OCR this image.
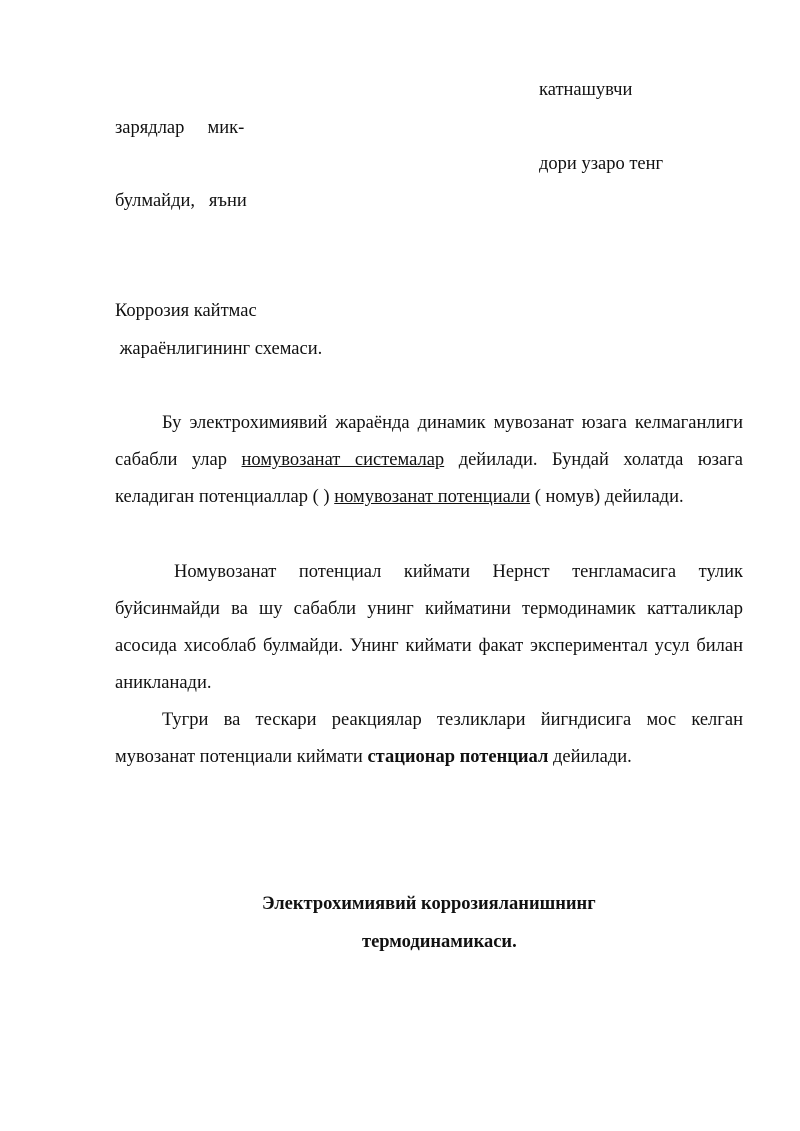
катнашувчи
зарядлар     мик-
дори узаро тенг
булмайди,   яъни
Коррозия кайтмас
жараёнлигининг схемаси.

Бу электрохимиявий жараёнда динамик мувозанат юзага келмаганлиги сабабли улар номувозанат системалар дейилади. Бундай холатда юзага келадиган потенциаллар ( ) номувозанат потенциали ( номув) дейилади.

Номувозанат потенциал киймати Нернст тенгламасига тулик буйсинмайди ва шу сабабли унинг кийматини термодинамик катталиклар асосида хисоблаб булмайди. Унинг киймати факат экспериментал усул билан аникланади.

Тугри ва тескари реакциялар тезликлари йигндисига мос келган мувозанат потенциали киймати стационар потенциал дейилади.

Электрохимиявий коррозияланишнинг
термодинамикаси.
